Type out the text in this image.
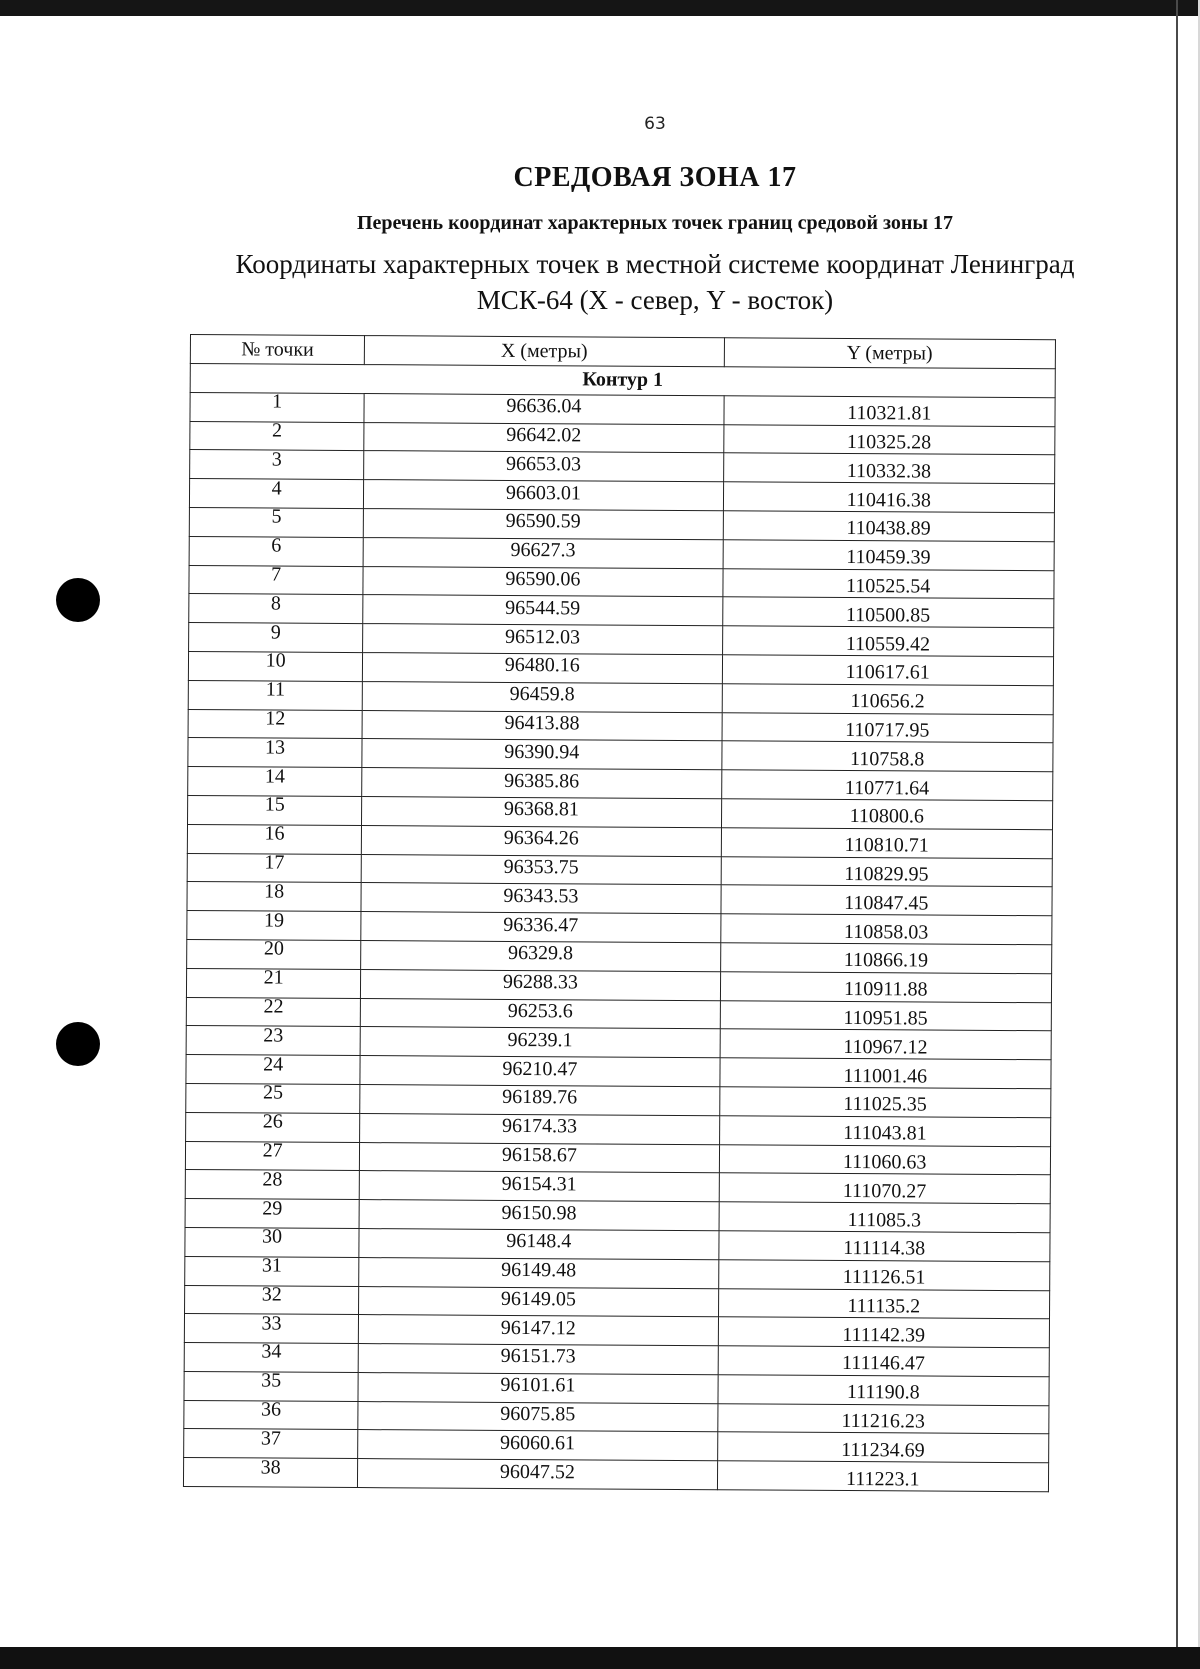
63
СРЕДОВАЯ ЗОНА 17
Перечень координат характерных точек границ средовой зоны 17
Координаты характерных точек в местной системе координат Ленинград МСК-64 (X - север, Y - восток)
№ точки	X (метры)	Y (метры)
Контур 1		
1	96636.04	110321.81
2	96642.02	110325.28
3	96653.03	110332.38
4	96603.01	110416.38
5	96590.59	110438.89
6	96627.3	110459.39
7	96590.06	110525.54
8	96544.59	110500.85
9	96512.03	110559.42
10	96480.16	110617.61
11	96459.8	110656.2
12	96413.88	110717.95
13	96390.94	110758.8
14	96385.86	110771.64
15	96368.81	110800.6
16	96364.26	110810.71
17	96353.75	110829.95
18	96343.53	110847.45
19	96336.47	110858.03
20	96329.8	110866.19
21	96288.33	110911.88
22	96253.6	110951.85
23	96239.1	110967.12
24	96210.47	111001.46
25	96189.76	111025.35
26	96174.33	111043.81
27	96158.67	111060.63
28	96154.31	111070.27
29	96150.98	111085.3
30	96148.4	111114.38
31	96149.48	111126.51
32	96149.05	111135.2
33	96147.12	111142.39
34	96151.73	111146.47
35	96101.61	111190.8
36	96075.85	111216.23
37	96060.61	111234.69
38	96047.52	111223.1
